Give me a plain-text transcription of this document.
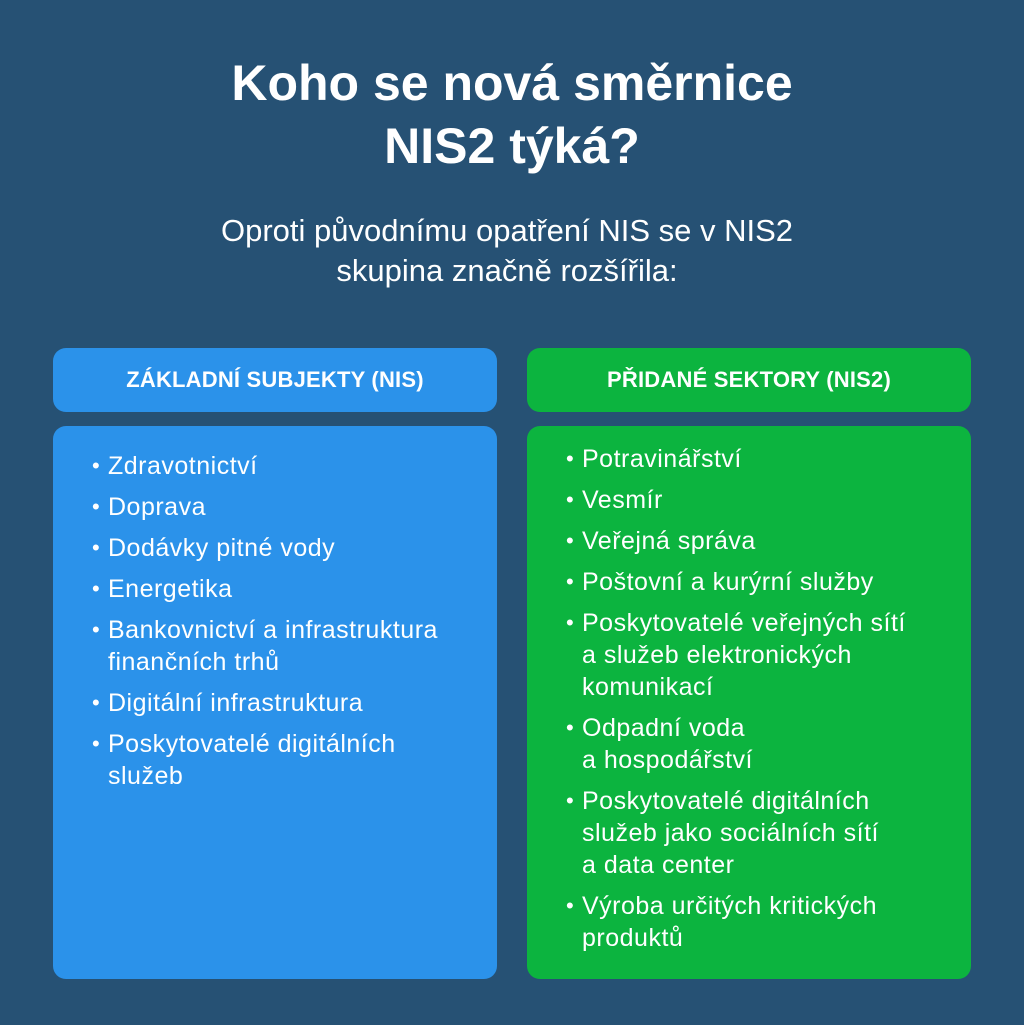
Koho se nová směrnice
NIS2 týká?

Oproti původnímu opatření NIS se v NIS2
skupina značně rozšířila:

ZÁKLADNÍ SUBJEKTY (NIS)	PŘIDANÉ SEKTORY (NIS2)
• Zdravotnictví
• Doprava
• Dodávky pitné vody
• Energetika
• Bankovnictví a infrastruktura
finančních trhů
• Digitální infrastruktura
• Poskytovatelé digitálních
služeb
• Potravinářství
• Vesmír
• Veřejná správa
• Poštovní a kurýrní služby
• Poskytovatelé veřejných sítí
a služeb elektronických
komunikací
• Odpadní voda
a hospodářství
• Poskytovatelé digitálních
služeb jako sociálních sítí
a data center
• Výroba určitých kritických
produktů
